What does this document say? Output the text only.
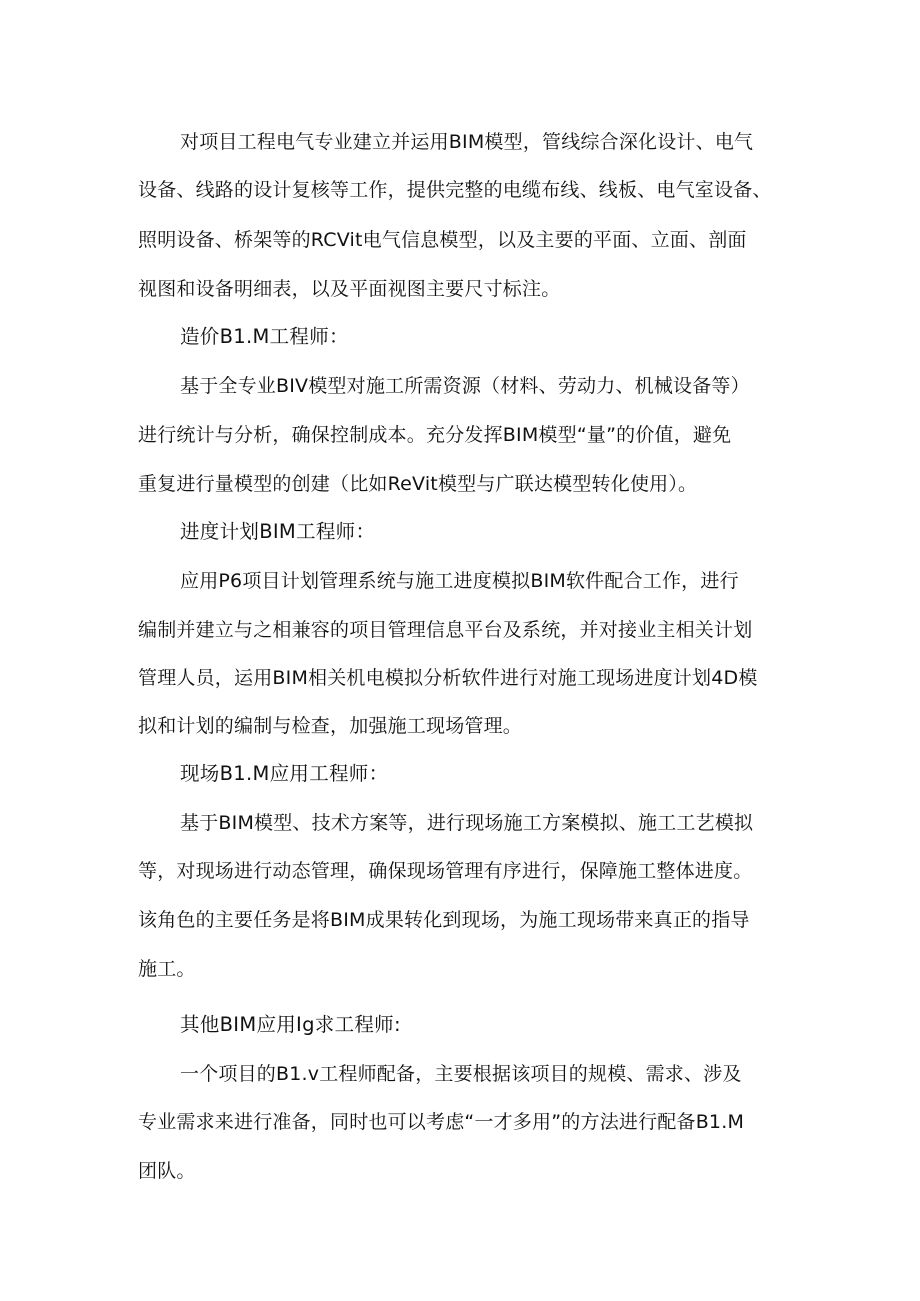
对项目工程电气专业建立并运用BIM模型，管线综合深化设计、电气
设备、线路的设计复核等工作，提供完整的电缆布线、线板、电气室设备、
照明设备、桥架等的RCVit电气信息模型，以及主要的平面、立面、剖面
视图和设备明细表，以及平面视图主要尺寸标注。
造价B1.M工程师：
基于全专业BIV模型对施工所需资源（材料、劳动力、机械设备等）
进行统计与分析，确保控制成本。充分发挥BIM模型“量”的价值，避免
重复进行量模型的创建（比如ReVit模型与广联达模型转化使用）。
进度计划BIM工程师：
应用P6项目计划管理系统与施工进度模拟BIM软件配合工作，进行
编制并建立与之相兼容的项目管理信息平台及系统，并对接业主相关计划
管理人员，运用BIM相关机电模拟分析软件进行对施工现场进度计划4D模
拟和计划的编制与检查，加强施工现场管理。
现场B1.M应用工程师：
基于BIM模型、技术方案等，进行现场施工方案模拟、施工工艺模拟
等，对现场进行动态管理，确保现场管理有序进行，保障施工整体进度。
该角色的主要任务是将BIM成果转化到现场，为施工现场带来真正的指导
施工。
其他BIM应用Ig求工程师:
一个项目的B1.v工程师配备，主要根据该项目的规模、需求、涉及
专业需求来进行准备，同时也可以考虑“一才多用”的方法进行配备B1.M
团队。
